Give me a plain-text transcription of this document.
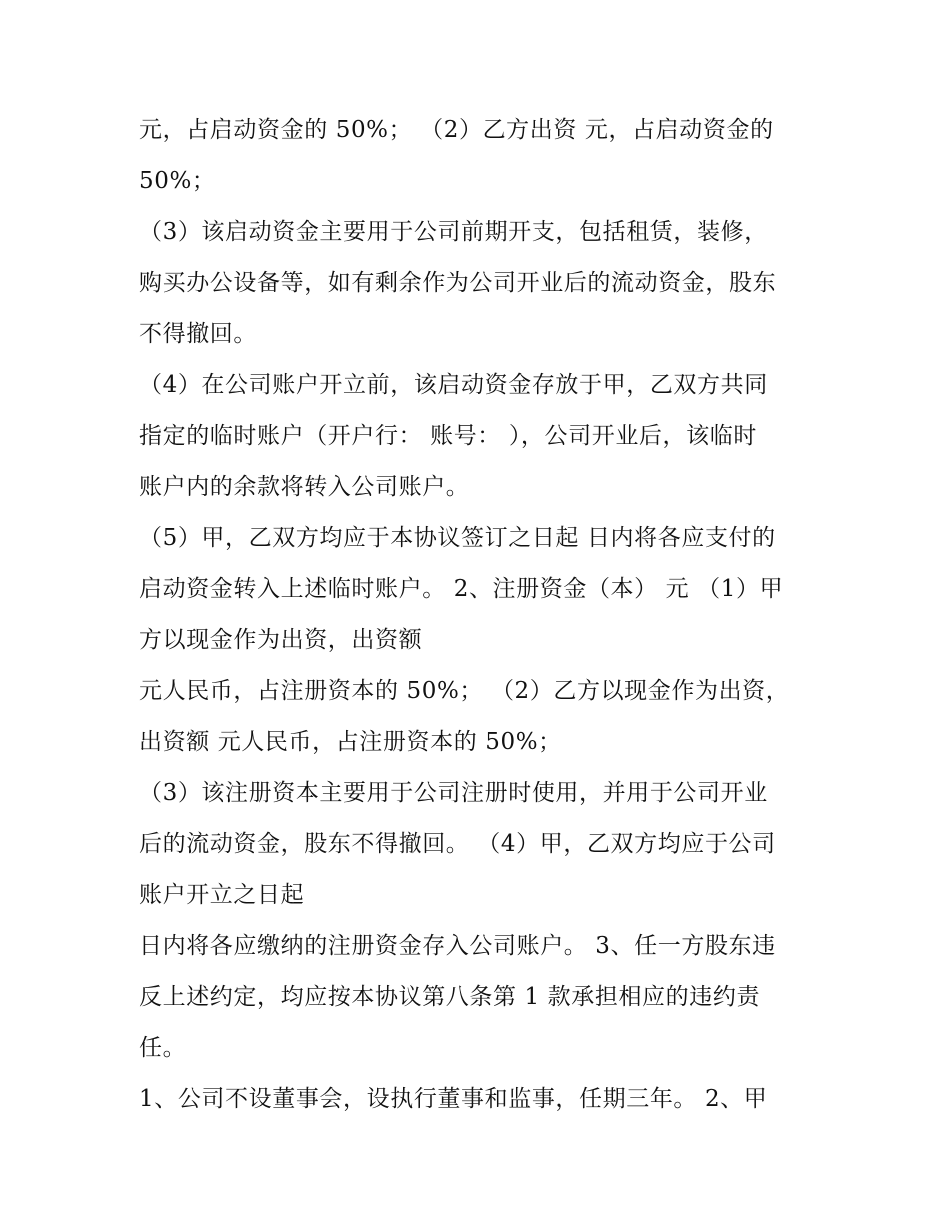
元，占启动资金的 50%； （2）乙方出资 元，占启动资金的
50%；
（3）该启动资金主要用于公司前期开支，包括租赁，装修，
购买办公设备等，如有剩余作为公司开业后的流动资金，股东
不得撤回。
（4）在公司账户开立前，该启动资金存放于甲，乙双方共同
指定的临时账户（开户行： 账号： ），公司开业后，该临时
账户内的余款将转入公司账户。
（5）甲，乙双方均应于本协议签订之日起 日内将各应支付的
启动资金转入上述临时账户。 2、注册资金（本） 元 （1）甲
方以现金作为出资，出资额
元人民币，占注册资本的 50%； （2）乙方以现金作为出资，
出资额 元人民币，占注册资本的 50%；
（3）该注册资本主要用于公司注册时使用，并用于公司开业
后的流动资金，股东不得撤回。 （4）甲，乙双方均应于公司
账户开立之日起
日内将各应缴纳的注册资金存入公司账户。 3、任一方股东违
反上述约定，均应按本协议第八条第 1 款承担相应的违约责
任。
1、公司不设董事会，设执行董事和监事，任期三年。 2、甲
